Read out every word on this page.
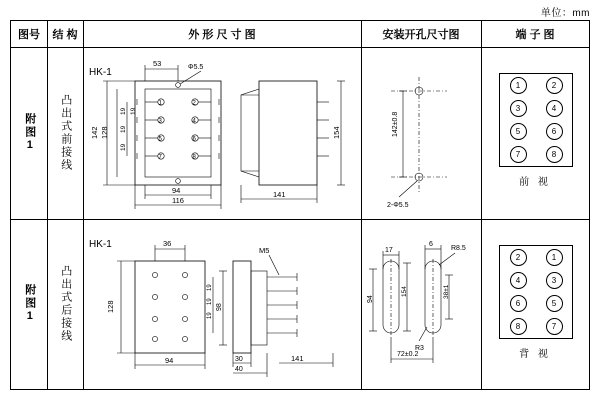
单位：mm
图号	结 构	外 形 尺 寸 图	安装开孔尺寸图	端 子 图
附图1 凸出式前接线
HK-1	Φ5.5
53
142 128
19
19
19
19
94
116
154
141
1	2
3	4
5	6
7	8
142±0.8
2-Φ5.5
1	2
3	4
5	6
7	8
前 视
附图1 凸出式后接线
HK-1	36
128
94
M5
98
19
19
19
30
40
141
17
6
R8.5
154
94
38±1
R3
72±0.2
2	1
4	3
6	5
8	7
背 视
